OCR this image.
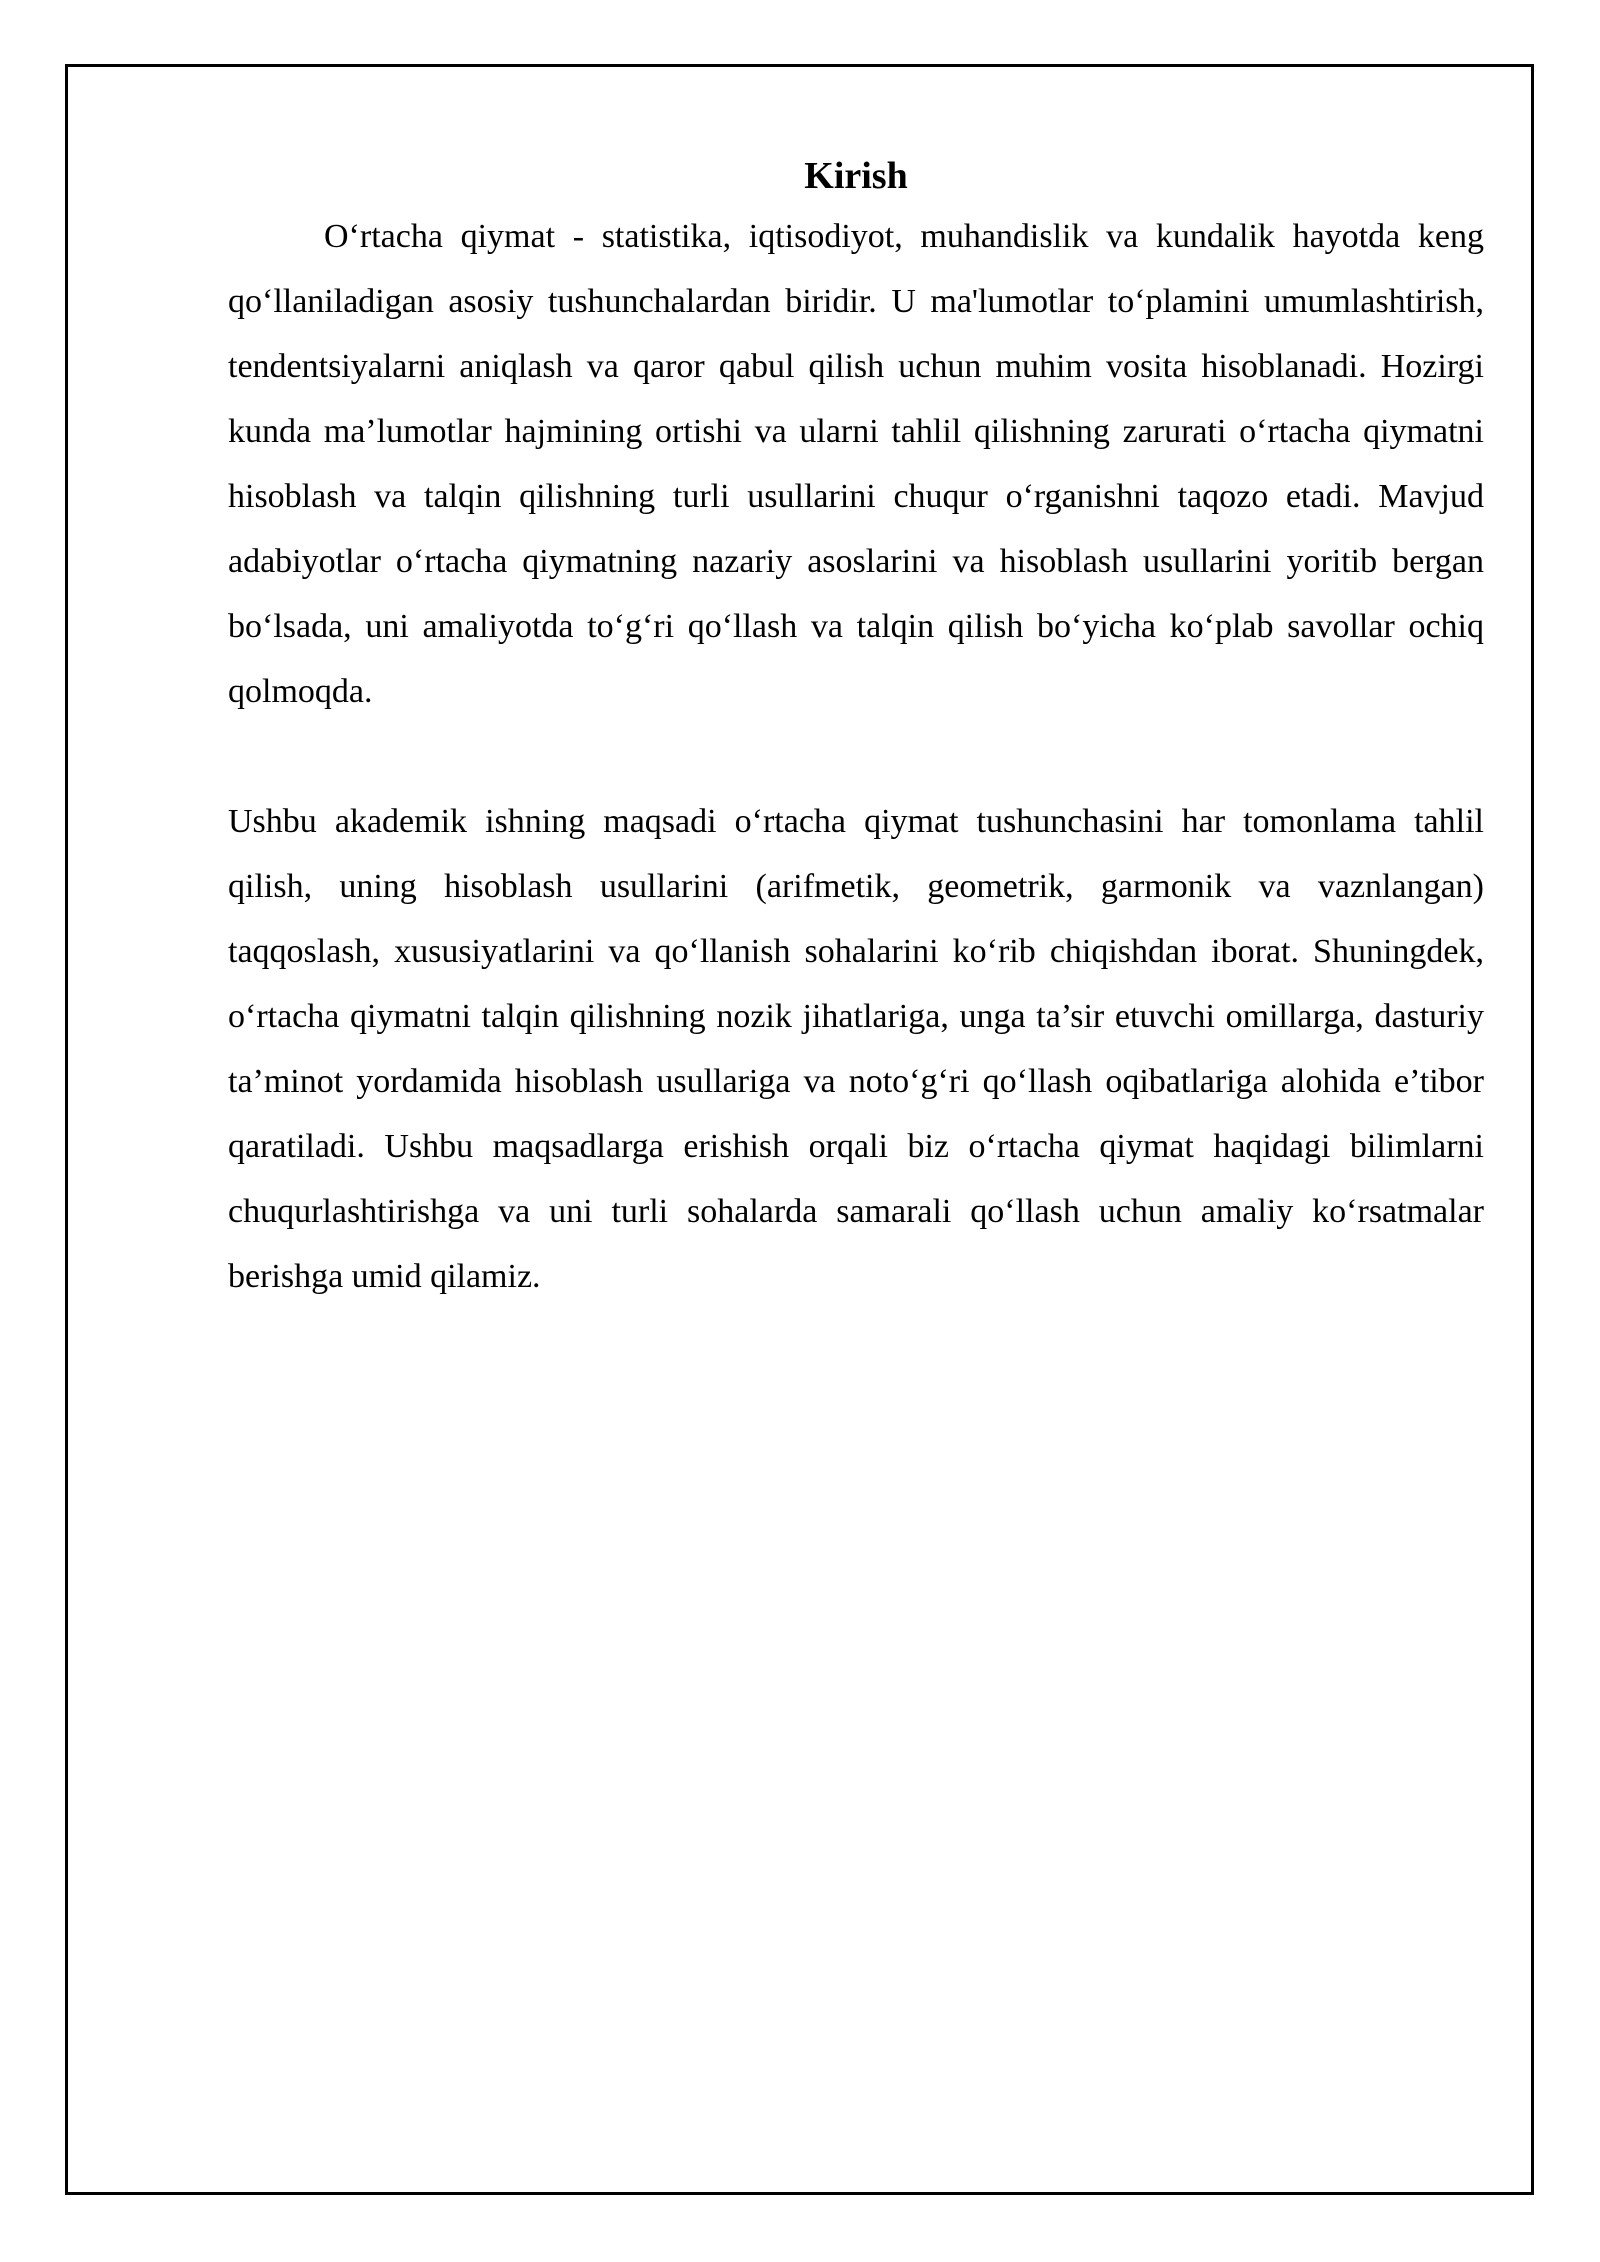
Kirish

O‘rtacha qiymat - statistika, iqtisodiyot, muhandislik va kundalik hayotda keng qo‘llaniladigan asosiy tushunchalardan biridir. U ma'lumotlar to‘plamini umumlashtirish, tendentsiyalarni aniqlash va qaror qabul qilish uchun muhim vosita hisoblanadi. Hozirgi kunda ma’lumotlar hajmining ortishi va ularni tahlil qilishning zarurati o‘rtacha qiymatni hisoblash va talqin qilishning turli usullarini chuqur o‘rganishni taqozo etadi. Mavjud adabiyotlar o‘rtacha qiymatning nazariy asoslarini va hisoblash usullarini yoritib bergan bo‘lsada, uni amaliyotda to‘g‘ri qo‘llash va talqin qilish bo‘yicha ko‘plab savollar ochiq qolmoqda.

Ushbu akademik ishning maqsadi o‘rtacha qiymat tushunchasini har tomonlama tahlil qilish, uning hisoblash usullarini (arifmetik, geometrik, garmonik va vaznlangan) taqqoslash, xususiyatlarini va qo‘llanish sohalarini ko‘rib chiqishdan iborat. Shuningdek, o‘rtacha qiymatni talqin qilishning nozik jihatlariga, unga ta’sir etuvchi omillarga, dasturiy ta’minot yordamida hisoblash usullariga va noto‘g‘ri qo‘llash oqibatlariga alohida e’tibor qaratiladi. Ushbu maqsadlarga erishish orqali biz o‘rtacha qiymat haqidagi bilimlarni chuqurlashtirishga va uni turli sohalarda samarali qo‘llash uchun amaliy ko‘rsatmalar berishga umid qilamiz.
